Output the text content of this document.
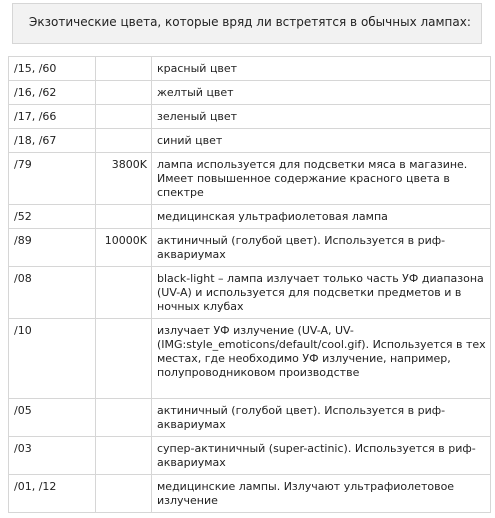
Экзотические цвета, которые вряд ли встретятся в обычных лампах:
/15, /60		красный цвет
/16, /62		желтый цвет
/17, /66		зеленый цвет
/18, /67		синий цвет
/79	3800K	лампа используется для подсветки мяса в магазине. Имеет повышенное содержание красного цвета в спектре
/52		медицинская ультрафиолетовая лампа
/89	10000K	актиничный (голубой цвет). Используется в риф-аквариумах
/08		black-light – лампа излучает только часть УФ диапазона (UV-A) и используется для подсветки предметов и в ночных клубах
/10		излучает УФ излучение (UV-A, UV-(IMG:style_emoticons/default/cool.gif). Используется в тех местах, где необходимо УФ излучение, например, полупроводниковом производстве
/05		актиничный (голубой цвет). Используется в риф-аквариумах
/03		супер-актиничный (super-actinic). Используется в риф-аквариумах
/01, /12		медицинские лампы. Излучают ультрафиолетовое излучение
